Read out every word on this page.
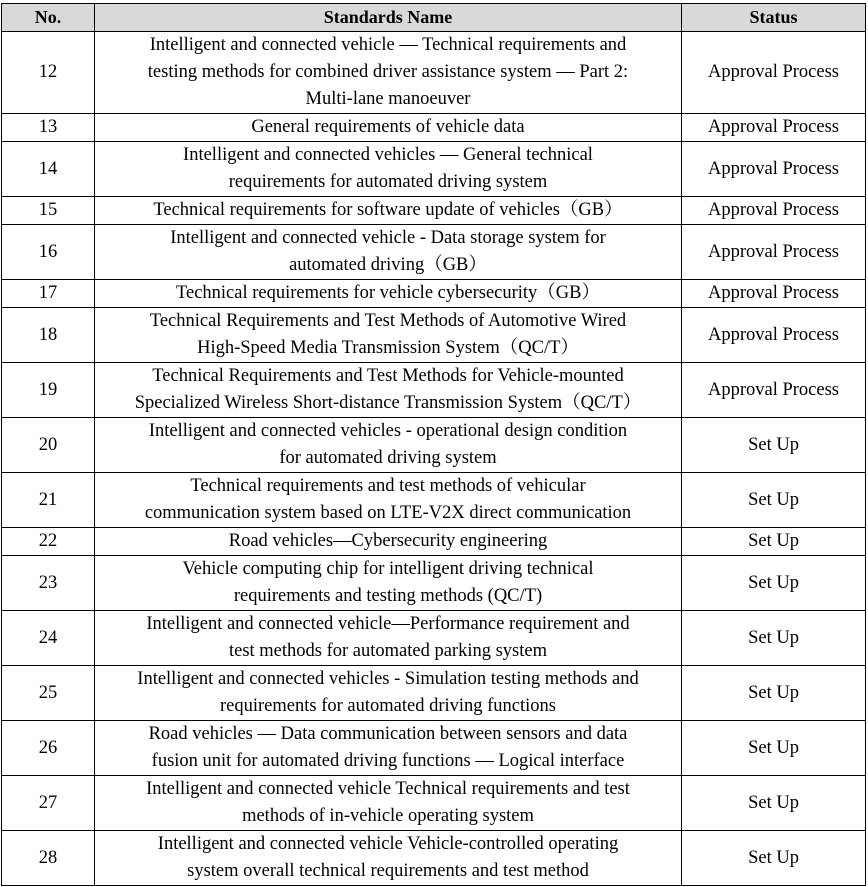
No.	Standards Name	Status
12	Intelligent and connected vehicle — Technical requirements and
testing methods for combined driver assistance system — Part 2:
Multi-lane manoeuver	Approval Process
13	General requirements of vehicle data	Approval Process
14	Intelligent and connected vehicles — General technical
requirements for automated driving system	Approval Process
15	Technical requirements for software update of vehicles（GB）	Approval Process
16	Intelligent and connected vehicle - Data storage system for
automated driving（GB）	Approval Process
17	Technical requirements for vehicle cybersecurity（GB）	Approval Process
18	Technical Requirements and Test Methods of Automotive Wired
High-Speed Media Transmission System（QC/T）	Approval Process
19	Technical Requirements and Test Methods for Vehicle-mounted
Specialized Wireless Short-distance Transmission System（QC/T）	Approval Process
20	Intelligent and connected vehicles - operational design condition
for automated driving system	Set Up
21	Technical requirements and test methods of vehicular
communication system based on LTE-V2X direct communication	Set Up
22	Road vehicles—Cybersecurity engineering	Set Up
23	Vehicle computing chip for intelligent driving technical
requirements and testing methods (QC/T)	Set Up
24	Intelligent and connected vehicle—Performance requirement and
test methods for automated parking system	Set Up
25	Intelligent and connected vehicles - Simulation testing methods and
requirements for automated driving functions	Set Up
26	Road vehicles — Data communication between sensors and data
fusion unit for automated driving functions — Logical interface	Set Up
27	Intelligent and connected vehicle Technical requirements and test
methods of in-vehicle operating system	Set Up
28	Intelligent and connected vehicle Vehicle-controlled operating
system overall technical requirements and test method	Set Up
